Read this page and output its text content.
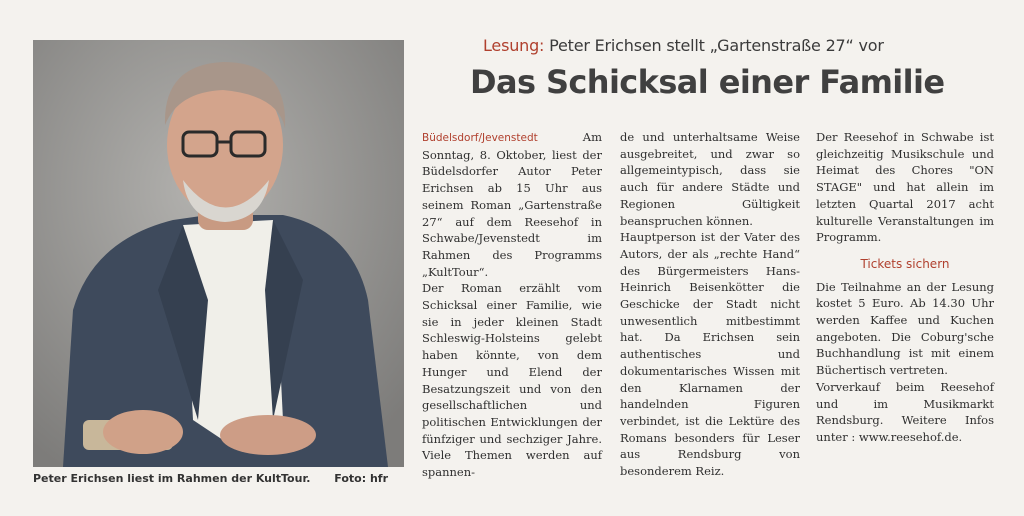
Peter Erichsen liest im Rahmen der KultTour. Foto: hfr
Lesung: Peter Erichsen stellt „Gartenstraße 27“ vor
Das Schicksal einer Familie

Büdelsdorf/Jevenstedt Am Sonntag, 8. Oktober, liest der Büdelsdorfer Autor Peter Erichsen ab 15 Uhr aus seinem Roman „Gartenstraße 27“ auf dem Reesehof in Schwabe/Jevenstedt im Rahmen des Programms „KultTour“.

Der Roman erzählt vom Schicksal einer Familie, wie sie in jeder kleinen Stadt Schleswig-Holsteins gelebt haben könnte, von dem Hunger und Elend der Besatzungszeit und von den gesellschaftlichen und politischen Entwicklungen der fünfziger und sechziger Jahre. Viele Themen werden auf spannen-

de und unterhaltsame Weise ausgebreitet, und zwar so allgemeintypisch, dass sie auch für andere Städte und Regionen Gültigkeit beanspruchen können.

Hauptperson ist der Vater des Autors, der als „rechte Hand“ des Bürgermeisters Hans-Heinrich Beisenkötter die Geschicke der Stadt nicht unwesentlich mitbestimmt hat. Da Erichsen sein authentisches und dokumentarisches Wissen mit den Klarnamen der handelnden Figuren verbindet, ist die Lektüre des Romans besonders für Leser aus Rendsburg von besonderem Reiz.

Der Reesehof in Schwabe ist gleichzeitig Musikschule und Heimat des Chores "ON STAGE" und hat allein im letzten Quartal 2017 acht kulturelle Veranstaltungen im Programm.

Tickets sichern

Die Teilnahme an der Lesung kostet 5 Euro. Ab 14.30 Uhr werden Kaffee und Kuchen angeboten. Die Coburg'sche Buchhandlung ist mit einem Büchertisch vertreten.

Vorverkauf beim Reesehof und im Musikmarkt Rendsburg. Weitere Infos unter : www.reesehof.de.
